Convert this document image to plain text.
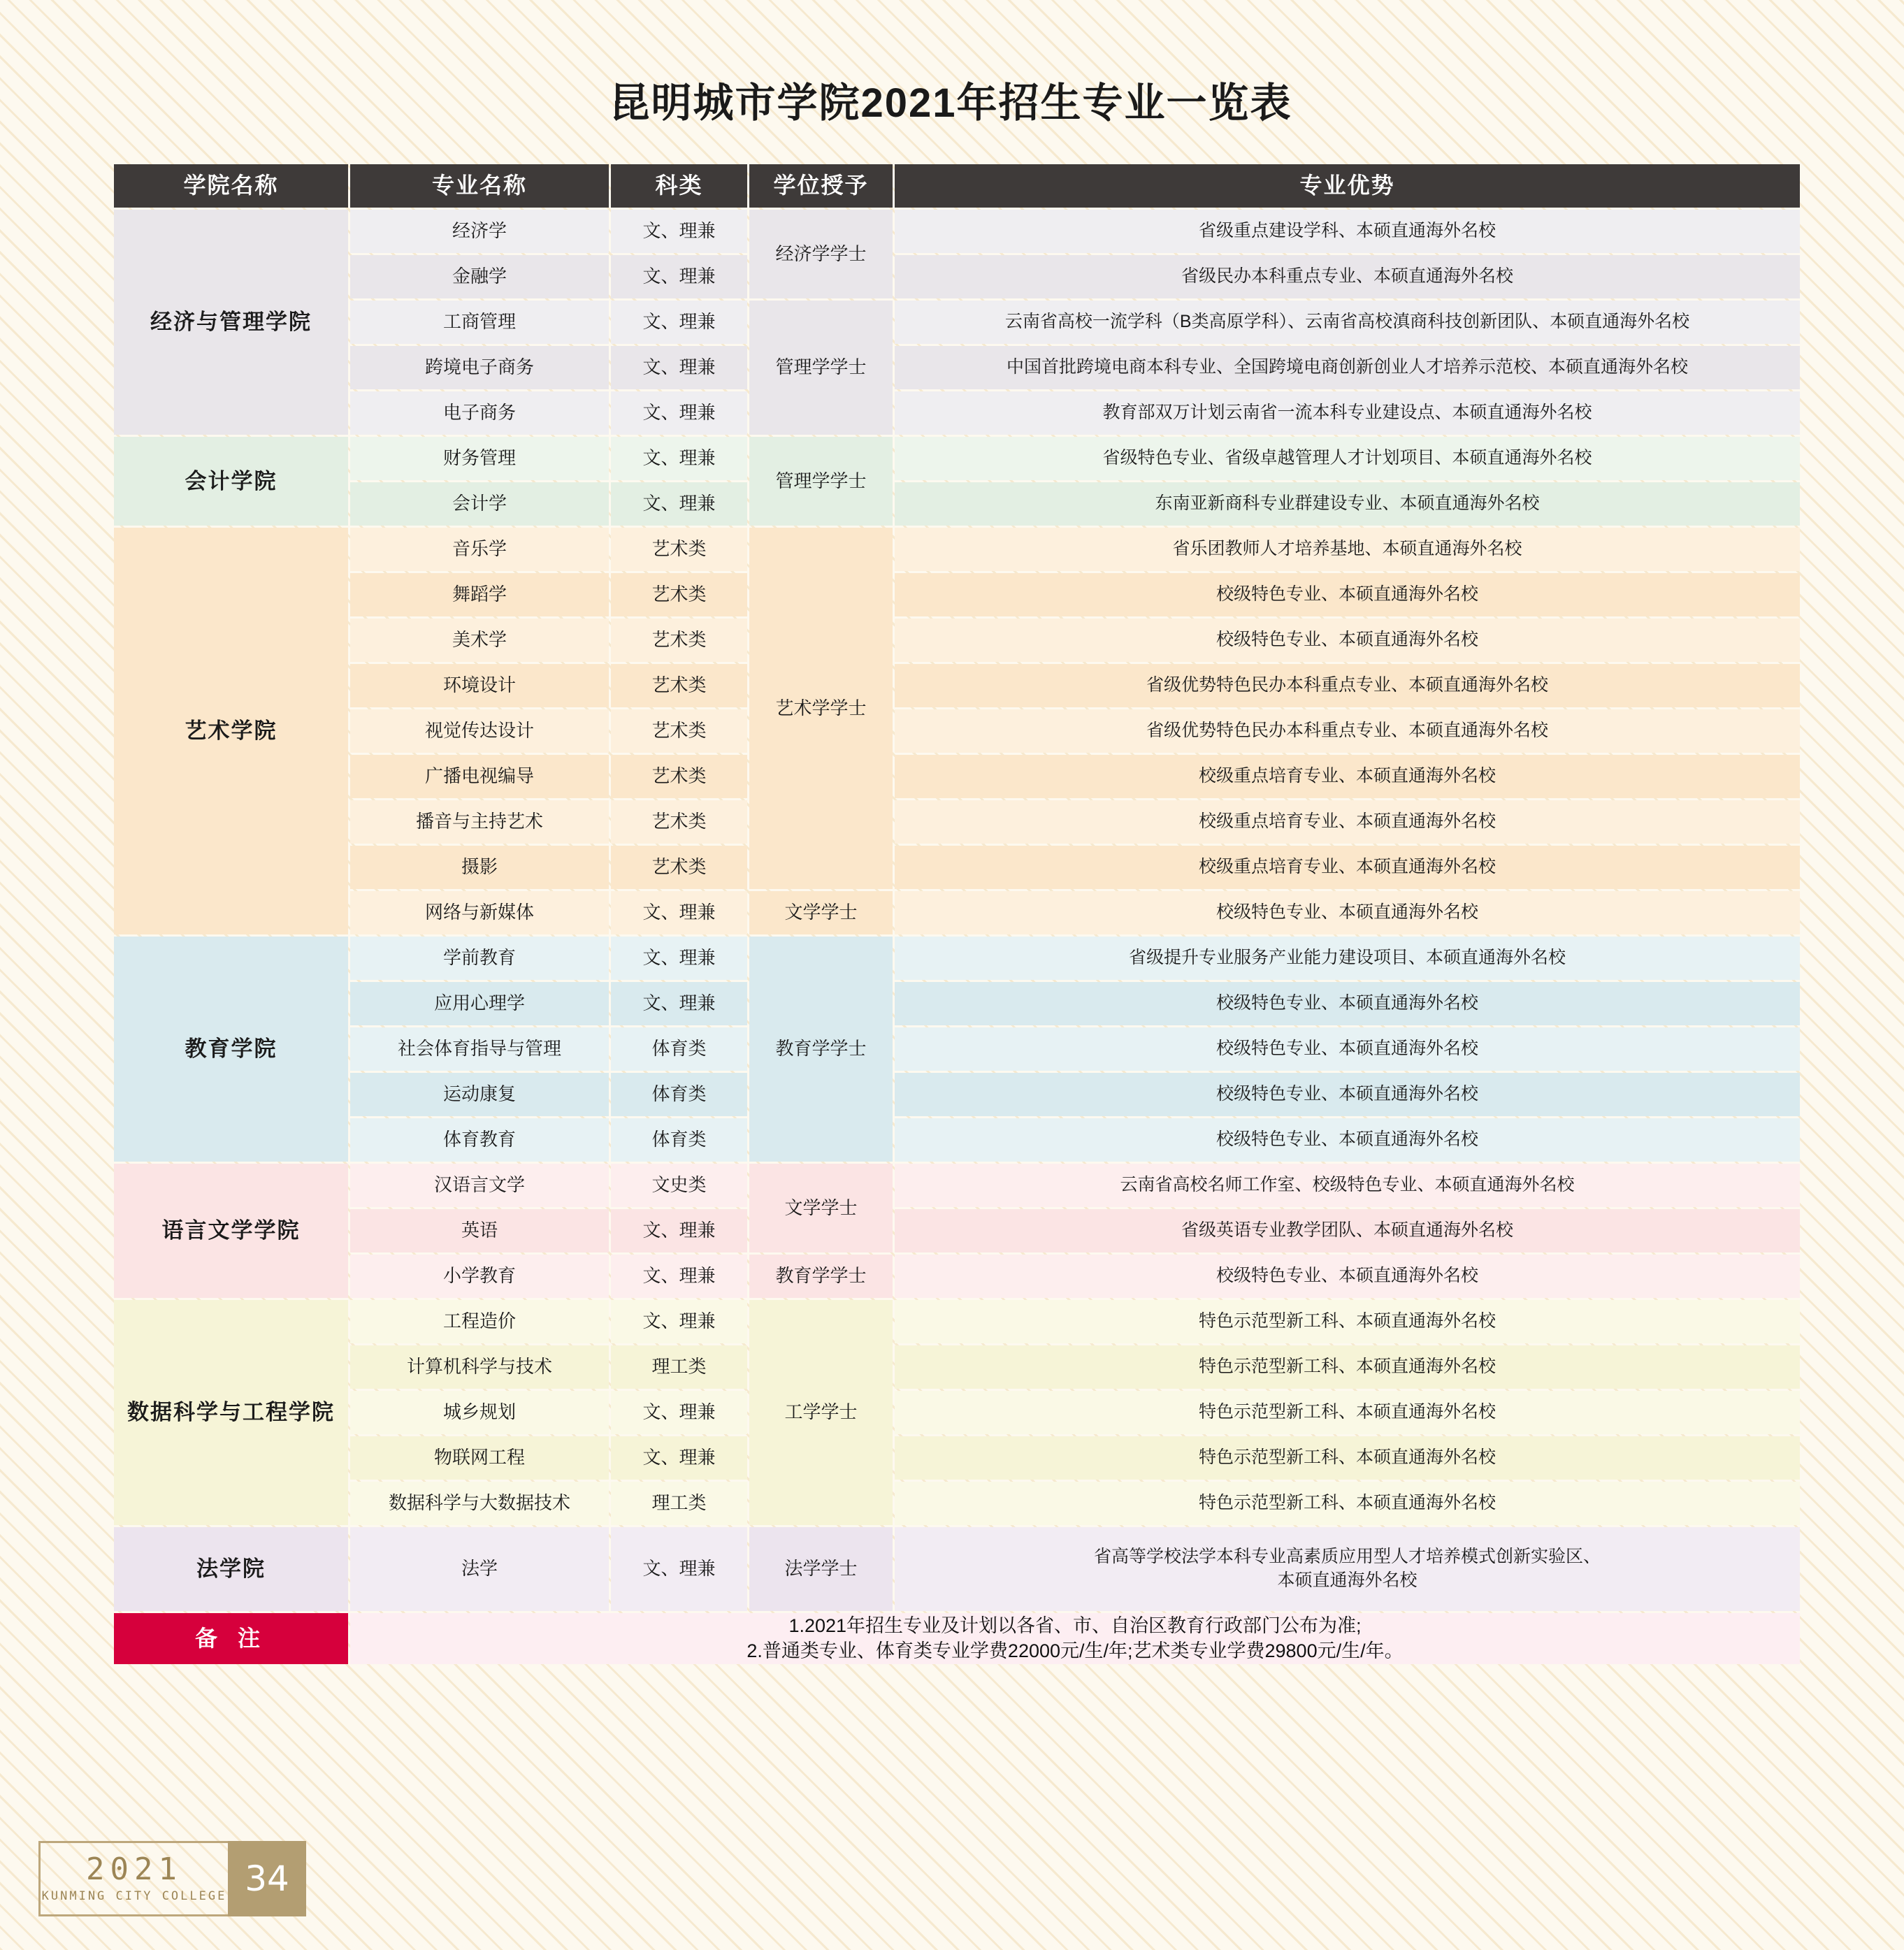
昆明城市学院2021年招生专业一览表
学院名称	专业名称	科类	学位授予	专业优势
经济与管理学院	经济学	文、理兼	经济学学士	省级重点建设学科、本硕直通海外名校
	金融学	文、理兼		省级民办本科重点专业、本硕直通海外名校
	工商管理	文、理兼	管理学学士	云南省高校一流学科（B类高原学科）、云南省高校滇商科技创新团队、本硕直通海外名校
	跨境电子商务	文、理兼		中国首批跨境电商本科专业、全国跨境电商创新创业人才培养示范校、本硕直通海外名校
	电子商务	文、理兼		教育部双万计划云南省一流本科专业建设点、本硕直通海外名校
会计学院	财务管理	文、理兼	管理学学士	省级特色专业、省级卓越管理人才计划项目、本硕直通海外名校
	会计学	文、理兼		东南亚新商科专业群建设专业、本硕直通海外名校
艺术学院	音乐学	艺术类	艺术学学士	省乐团教师人才培养基地、本硕直通海外名校
	舞蹈学	艺术类		校级特色专业、本硕直通海外名校
	美术学	艺术类		校级特色专业、本硕直通海外名校
	环境设计	艺术类		省级优势特色民办本科重点专业、本硕直通海外名校
	视觉传达设计	艺术类		省级优势特色民办本科重点专业、本硕直通海外名校
	广播电视编导	艺术类		校级重点培育专业、本硕直通海外名校
	播音与主持艺术	艺术类		校级重点培育专业、本硕直通海外名校
	摄影	艺术类		校级重点培育专业、本硕直通海外名校
	网络与新媒体	文、理兼	文学学士	校级特色专业、本硕直通海外名校
教育学院	学前教育	文、理兼	教育学学士	省级提升专业服务产业能力建设项目、本硕直通海外名校
	应用心理学	文、理兼		校级特色专业、本硕直通海外名校
	社会体育指导与管理	体育类		校级特色专业、本硕直通海外名校
	运动康复	体育类		校级特色专业、本硕直通海外名校
	体育教育	体育类		校级特色专业、本硕直通海外名校
语言文学学院	汉语言文学	文史类	文学学士	云南省高校名师工作室、校级特色专业、本硕直通海外名校
	英语	文、理兼		省级英语专业教学团队、本硕直通海外名校
	小学教育	文、理兼	教育学学士	校级特色专业、本硕直通海外名校
数据科学与工程学院	工程造价	文、理兼	工学学士	特色示范型新工科、本硕直通海外名校
	计算机科学与技术	理工类		特色示范型新工科、本硕直通海外名校
	城乡规划	文、理兼		特色示范型新工科、本硕直通海外名校
	物联网工程	文、理兼		特色示范型新工科、本硕直通海外名校
	数据科学与大数据技术	理工类		特色示范型新工科、本硕直通海外名校
法学院	法学	文、理兼	法学学士	省高等学校法学本科专业高素质应用型人才培养模式创新实验区、
本硕直通海外名校

备 注	1.2021年招生专业及计划以各省、市、自治区教育行政部门公布为准;
2.普通类专业、体育类专业学费22000元/生/年;艺术类专业学费29800元/生/年。			
2021
KUNMING CITY COLLEGE 34
